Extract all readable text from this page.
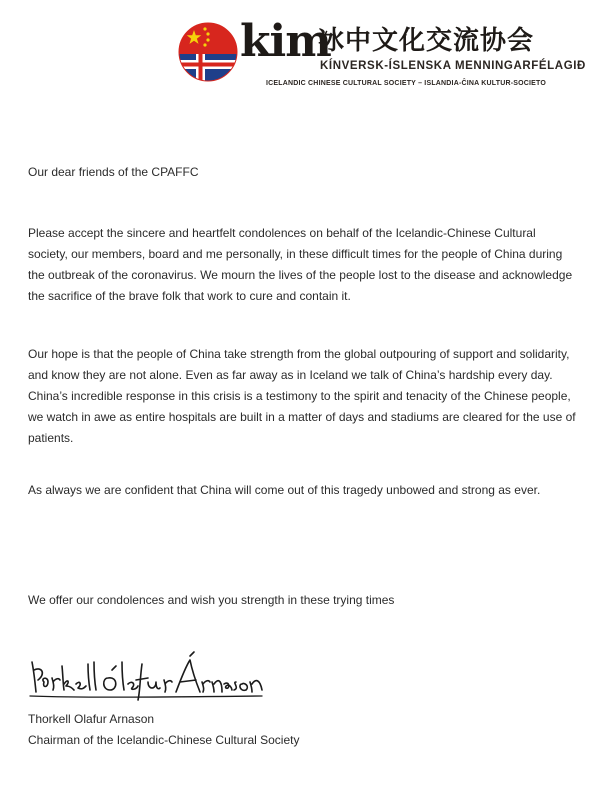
kim
冰中文化交流协会
KÍNVERSK-ÍSLENSKA MENNINGARFÉLAGIÐ
ICELANDIC CHINESE CULTURAL SOCIETY – ISLANDIA-ĈINA KULTUR-SOCIETO

Our dear friends of the CPAFFC

Please accept the sincere and heartfelt condolences on behalf of the Icelandic-Chinese Cultural society, our members, board and me personally, in these difficult times for the people of China during the outbreak of the coronavirus. We mourn the lives of the people lost to the disease and acknowledge the sacrifice of the brave folk that work to cure and contain it.

Our hope is that the people of China take strength from the global outpouring of support and solidarity, and know they are not alone. Even as far away as in Iceland we talk of China’s hardship every day. China’s incredible response in this crisis is a testimony to the spirit and tenacity of the Chinese people, we watch in awe as entire hospitals are built in a matter of days and stadiums are cleared for the use of patients.

As always we are confident that China will come out of this tragedy unbowed and strong as ever.

We offer our condolences and wish you strength in these trying times

Thorkell Olafur Arnason
Chairman of the Icelandic-Chinese Cultural Society
